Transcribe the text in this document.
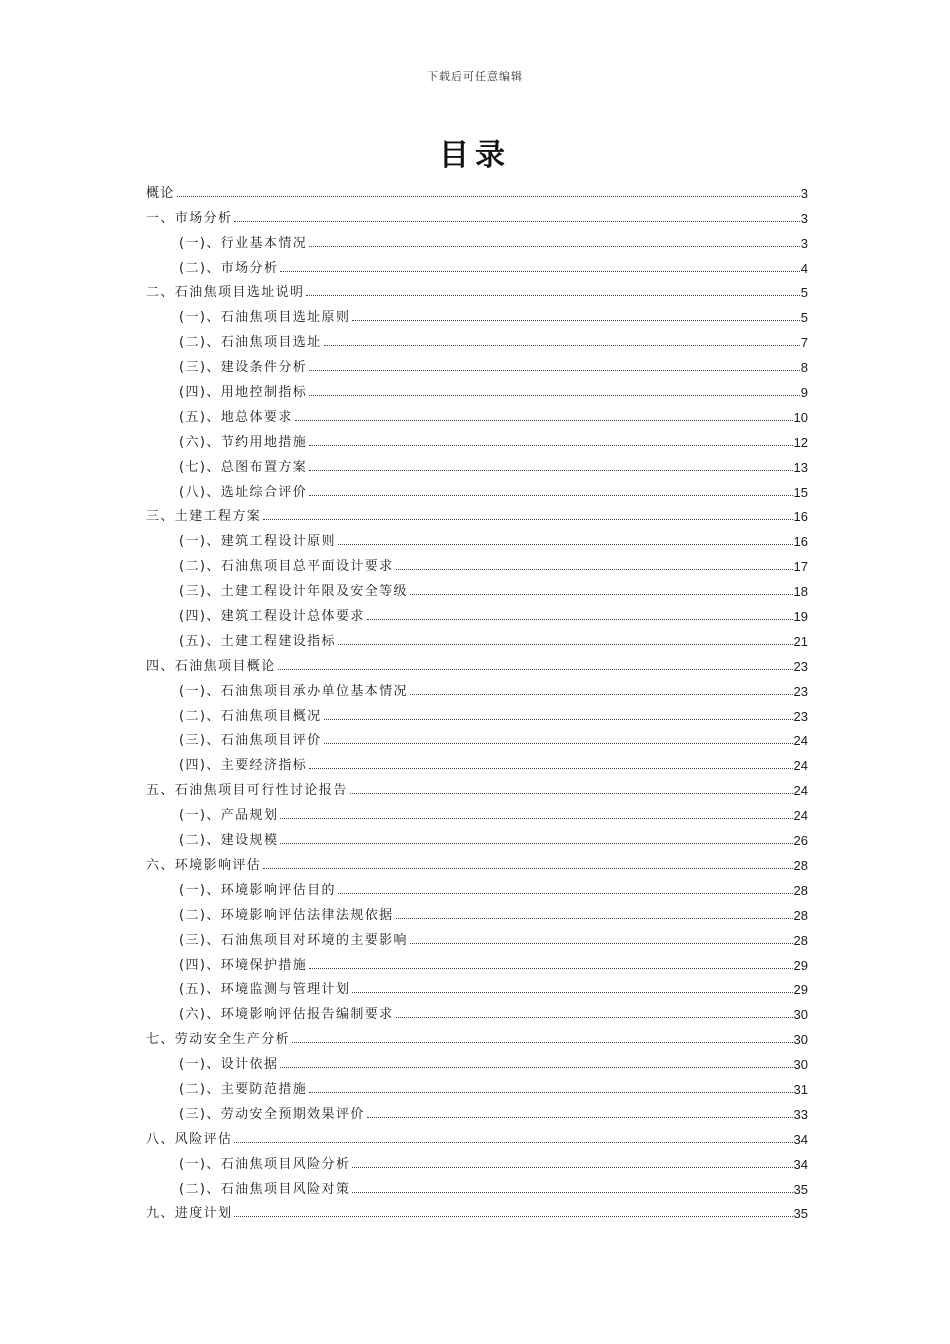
下载后可任意编辑
目录
概论	3
一、市场分析	3
(一)、行业基本情况	3
(二)、市场分析	4
二、石油焦项目选址说明	5
(一)、石油焦项目选址原则	5
(二)、石油焦项目选址	7
(三)、建设条件分析	8
(四)、用地控制指标	9
(五)、地总体要求	10
(六)、节约用地措施	12
(七)、总图布置方案	13
(八)、选址综合评价	15
三、土建工程方案	16
(一)、建筑工程设计原则	16
(二)、石油焦项目总平面设计要求	17
(三)、土建工程设计年限及安全等级	18
(四)、建筑工程设计总体要求	19
(五)、土建工程建设指标	21
四、石油焦项目概论	23
(一)、石油焦项目承办单位基本情况	23
(二)、石油焦项目概况	23
(三)、石油焦项目评价	24
(四)、主要经济指标	24
五、石油焦项目可行性讨论报告	24
(一)、产品规划	24
(二)、建设规模	26
六、环境影响评估	28
(一)、环境影响评估目的	28
(二)、环境影响评估法律法规依据	28
(三)、石油焦项目对环境的主要影响	28
(四)、环境保护措施	29
(五)、环境监测与管理计划	29
(六)、环境影响评估报告编制要求	30
七、劳动安全生产分析	30
(一)、设计依据	30
(二)、主要防范措施	31
(三)、劳动安全预期效果评价	33
八、风险评估	34
(一)、石油焦项目风险分析	34
(二)、石油焦项目风险对策	35
九、进度计划	35
